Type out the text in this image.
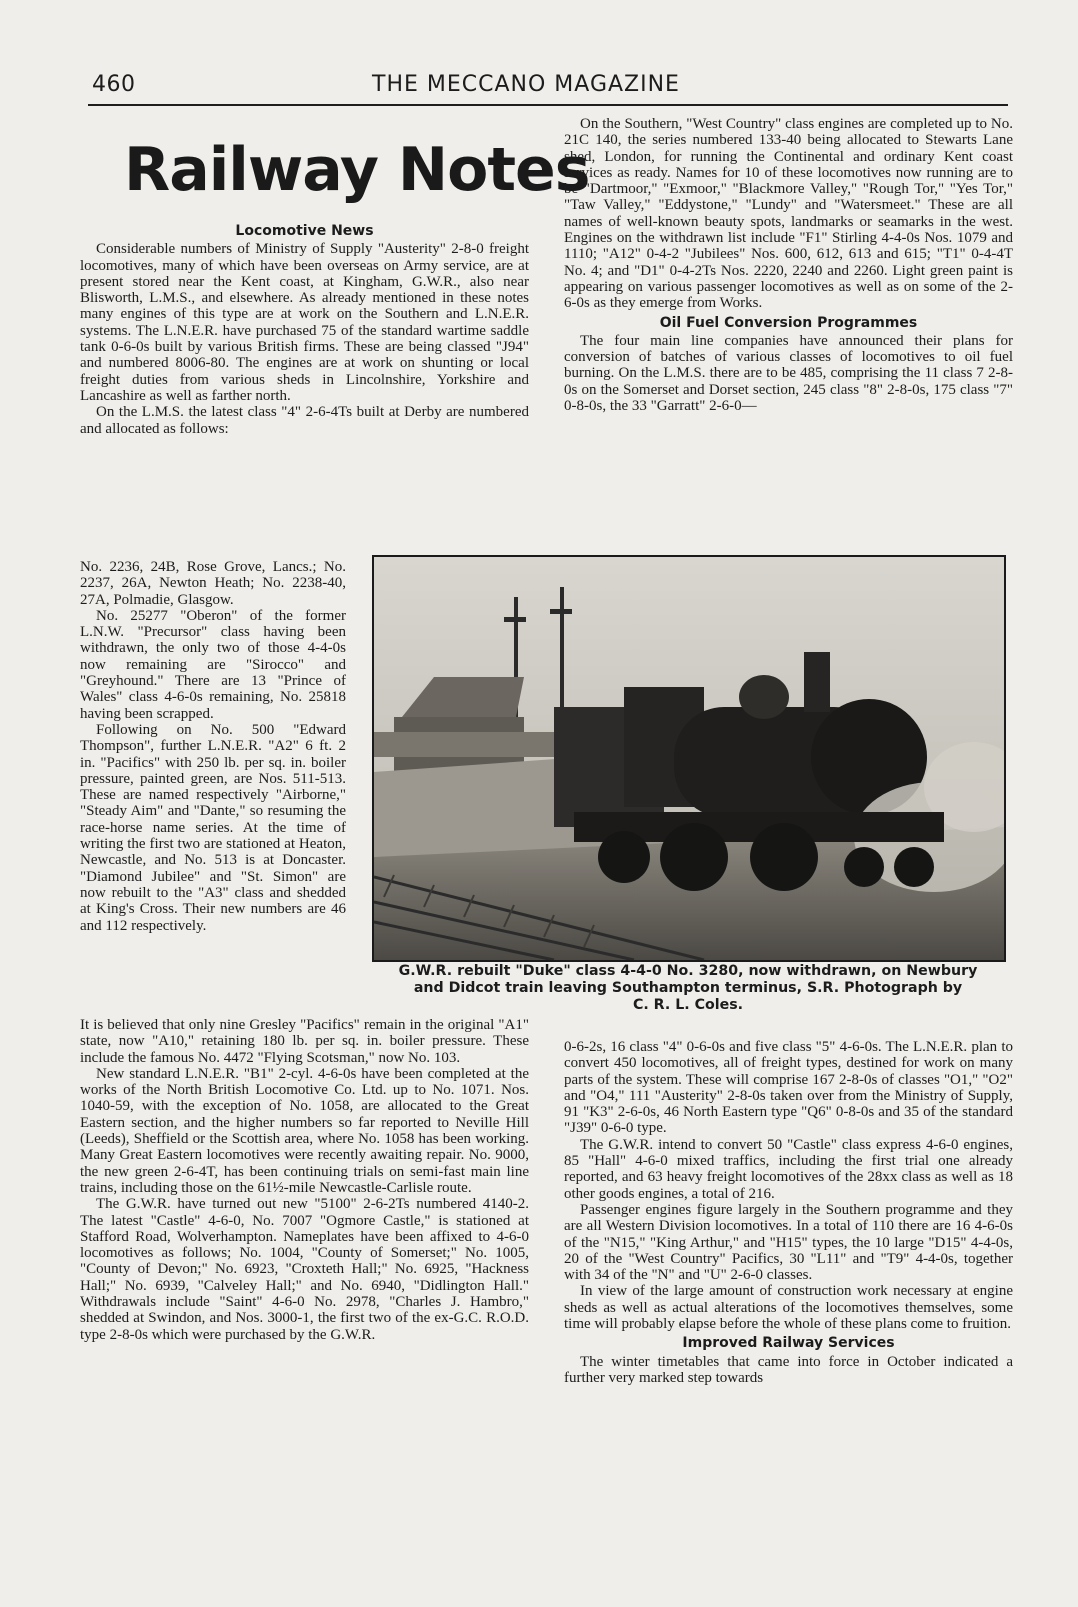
460	THE MECCANO MAGAZINE
Railway Notes
Locomotive News

Considerable numbers of Ministry of Supply "Austerity" 2-8-0 freight locomotives, many of which have been overseas on Army service, are at present stored near the Kent coast, at Kingham, G.W.R., also near Blisworth, L.M.S., and elsewhere. As already mentioned in these notes many engines of this type are at work on the Southern and L.N.E.R. systems. The L.N.E.R. have purchased 75 of the standard wartime saddle tank 0-6-0s built by various British firms. These are being classed "J94" and numbered 8006-80. The engines are at work on shunting or local freight duties from various sheds in Lincolnshire, Yorkshire and Lancashire as well as farther north.

On the L.M.S. the latest class "4" 2-6-4Ts built at Derby are numbered and allocated as follows:

No. 2236, 24B, Rose Grove, Lancs.; No. 2237, 26A, Newton Heath; No. 2238-40, 27A, Polmadie, Glasgow.

No. 25277 "Oberon" of the former L.N.W. "Precursor" class having been withdrawn, the only two of those 4-4-0s now remaining are "Sirocco" and "Greyhound." There are 13 "Prince of Wales" class 4-6-0s remaining, No. 25818 having been scrapped.

Following on No. 500 "Edward Thompson", further L.N.E.R. "A2" 6 ft. 2 in. "Pacifics" with 250 lb. per sq. in. boiler pressure, painted green, are Nos. 511-513. These are named respectively "Airborne," "Steady Aim" and "Dante," so resuming the race-horse name series. At the time of writing the first two are stationed at Heaton, Newcastle, and No. 513 is at Doncaster. "Diamond Jubilee" and "St. Simon" are now rebuilt to the "A3" class and shedded at King's Cross. Their new numbers are 46 and 112 respectively.

It is believed that only nine Gresley "Pacifics" remain in the original "A1" state, now "A10," retaining 180 lb. per sq. in. boiler pressure. These include the famous No. 4472 "Flying Scotsman," now No. 103.

New standard L.N.E.R. "B1" 2-cyl. 4-6-0s have been completed at the works of the North British Locomotive Co. Ltd. up to No. 1071. Nos. 1040-59, with the exception of No. 1058, are allocated to the Great Eastern section, and the higher numbers so far reported to Neville Hill (Leeds), Sheffield or the Scottish area, where No. 1058 has been working. Many Great Eastern locomotives were recently awaiting repair. No. 9000, the new green 2-6-4T, has been continuing trials on semi-fast main line trains, including those on the 61½-mile Newcastle-Carlisle route.

The G.W.R. have turned out new "5100" 2-6-2Ts numbered 4140-2. The latest "Castle" 4-6-0, No. 7007 "Ogmore Castle," is stationed at Stafford Road, Wolverhampton. Nameplates have been affixed to 4-6-0 locomotives as follows; No. 1004, "County of Somerset;" No. 1005, "County of Devon;" No. 6923, "Croxteth Hall;" No. 6925, "Hackness Hall;" No. 6939, "Calveley Hall;" and No. 6940, "Didlington Hall." Withdrawals include "Saint" 4-6-0 No. 2978, "Charles J. Hambro," shedded at Swindon, and Nos. 3000-1, the first two of the ex-G.C. R.O.D. type 2-8-0s which were purchased by the G.W.R.

On the Southern, "West Country" class engines are completed up to No. 21C 140, the series numbered 133-40 being allocated to Stewarts Lane shed, London, for running the Continental and ordinary Kent coast services as ready. Names for 10 of these locomotives now running are to be "Dartmoor," "Exmoor," "Blackmore Valley," "Rough Tor," "Yes Tor," "Taw Valley," "Eddystone," "Lundy" and "Watersmeet." These are all names of well-known beauty spots, landmarks or seamarks in the west. Engines on the withdrawn list include "F1" Stirling 4-4-0s Nos. 1079 and 1110; "A12" 0-4-2 "Jubilees" Nos. 600, 612, 613 and 615; "T1" 0-4-4T No. 4; and "D1" 0-4-2Ts Nos. 2220, 2240 and 2260. Light green paint is appearing on various passenger locomotives as well as on some of the 2-6-0s as they emerge from Works.

Oil Fuel Conversion Programmes

The four main line companies have announced their plans for conversion of batches of various classes of locomotives to oil fuel burning. On the L.M.S. there are to be 485, comprising the 11 class 7 2-8-0s on the Somerset and Dorset section, 245 class "8" 2-8-0s, 175 class "7" 0-8-0s, the 33 "Garratt" 2-6-0—

G.W.R. rebuilt "Duke" class 4-4-0 No. 3280, now withdrawn, on Newbury
and Didcot train leaving Southampton terminus, S.R. Photograph by
C. R. L. Coles.

0-6-2s, 16 class "4" 0-6-0s and five class "5" 4-6-0s. The L.N.E.R. plan to convert 450 locomotives, all of freight types, destined for work on many parts of the system. These will comprise 167 2-8-0s of classes "O1," "O2" and "O4," 111 "Austerity" 2-8-0s taken over from the Ministry of Supply, 91 "K3" 2-6-0s, 46 North Eastern type "Q6" 0-8-0s and 35 of the standard "J39" 0-6-0 type.

The G.W.R. intend to convert 50 "Castle" class express 4-6-0 engines, 85 "Hall" 4-6-0 mixed traffics, including the first trial one already reported, and 63 heavy freight locomotives of the 28xx class as well as 18 other goods engines, a total of 216.

Passenger engines figure largely in the Southern programme and they are all Western Division locomotives. In a total of 110 there are 16 4-6-0s of the "N15," "King Arthur," and "H15" types, the 10 large "D15" 4-4-0s, 20 of the "West Country" Pacifics, 30 "L11" and "T9" 4-4-0s, together with 34 of the "N" and "U" 2-6-0 classes.

In view of the large amount of construction work necessary at engine sheds as well as actual alterations of the locomotives themselves, some time will probably elapse before the whole of these plans come to fruition.

Improved Railway Services

The winter timetables that came into force in October indicated a further very marked step towards
